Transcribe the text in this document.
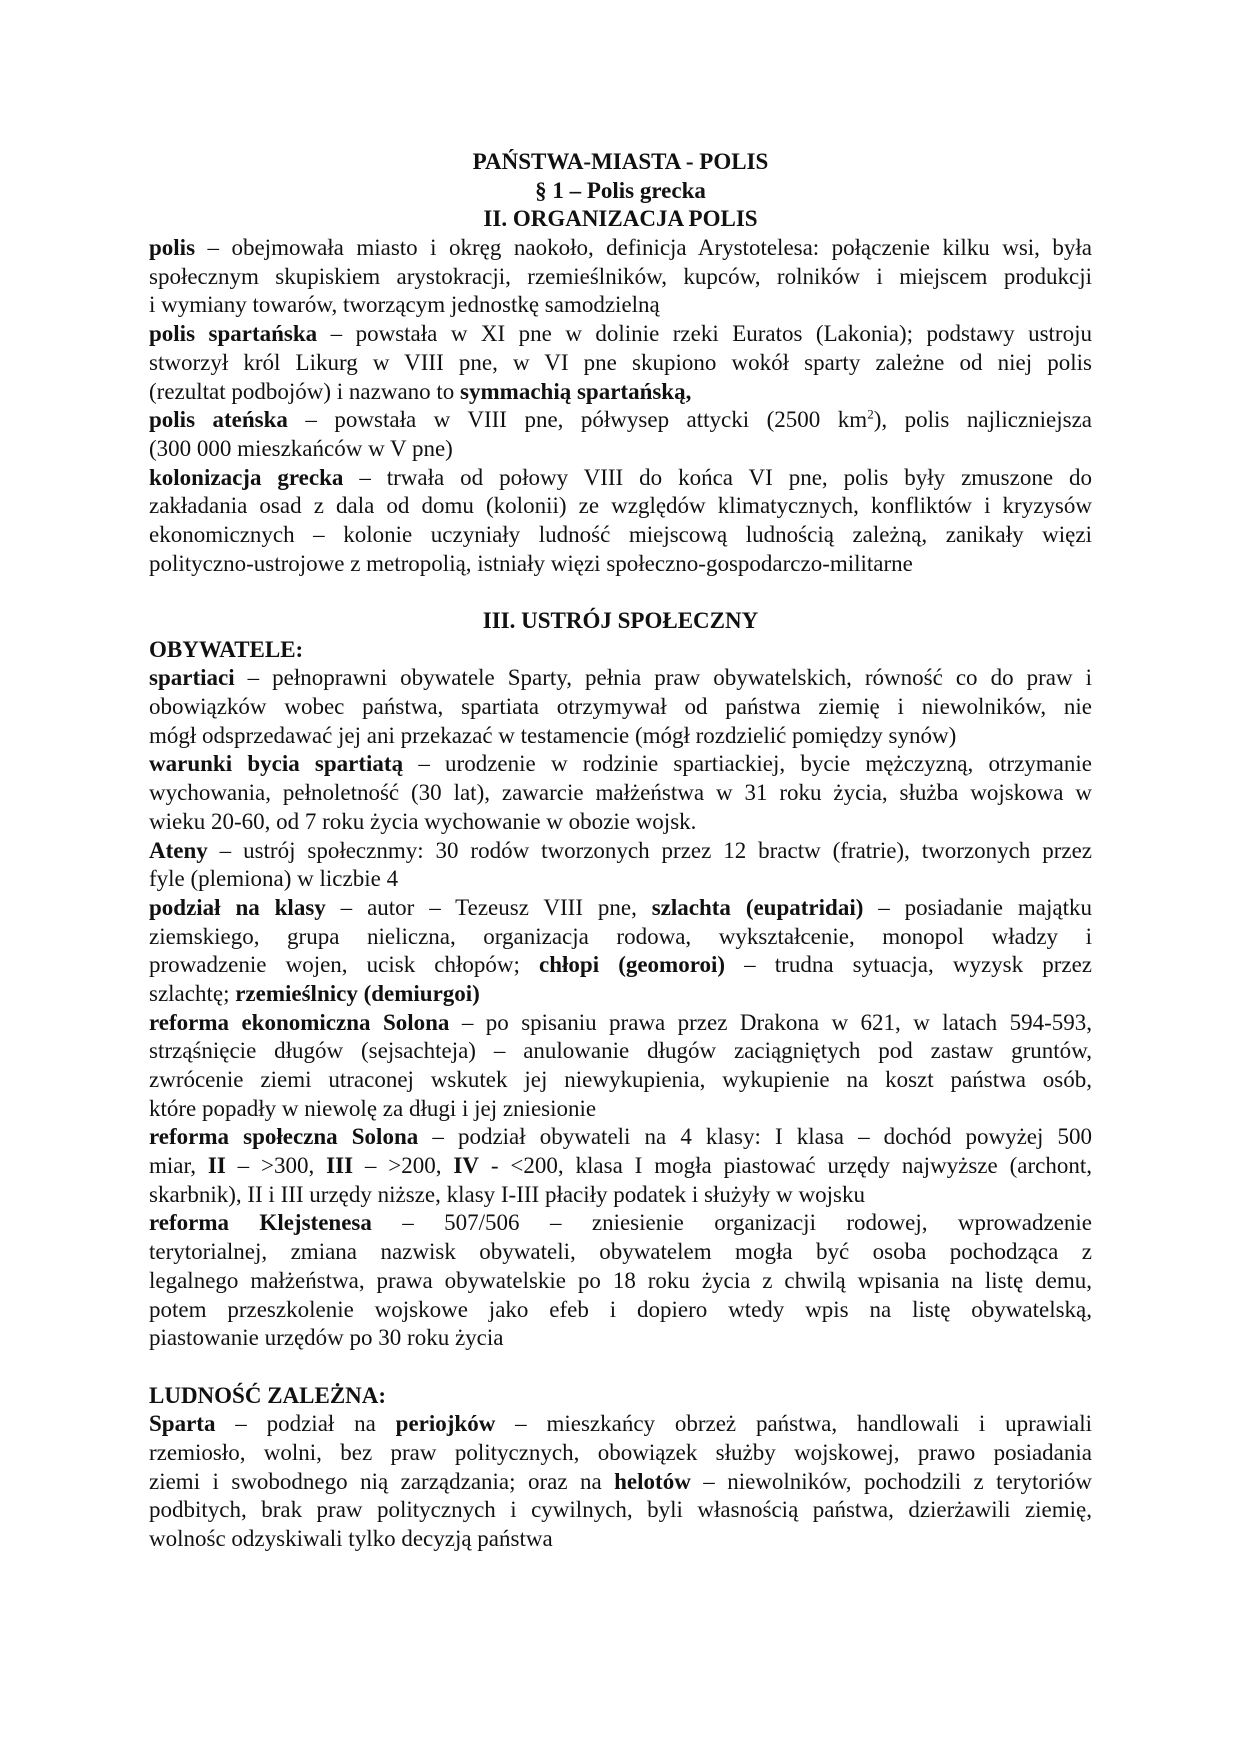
PAŃSTWA-MIASTA - POLIS
§ 1 – Polis grecka
II. ORGANIZACJA POLIS
polis – obejmowała miasto i okręg naokoło, definicja Arystotelesa: połączenie kilku wsi, była
społecznym skupiskiem arystokracji, rzemieślników, kupców, rolników i miejscem produkcji
i wymiany towarów, tworzącym jednostkę samodzielną
polis spartańska – powstała w XI pne w dolinie rzeki Euratos (Lakonia); podstawy ustroju
stworzył król Likurg w VIII pne, w VI pne skupiono wokół sparty zależne od niej polis
(rezultat podbojów) i nazwano to symmachią spartańską,
polis ateńska – powstała w VIII pne, półwysep attycki (2500 $km^2$), polis najliczniejsza
(300 000 mieszkańców w V pne)
kolonizacja grecka – trwała od połowy VIII do końca VI pne, polis były zmuszone do
zakładania osad z dala od domu (kolonii) ze względów klimatycznych, konfliktów i kryzysów
ekonomicznych – kolonie uczyniały ludność miejscową ludnością zależną, zanikały więzi
polityczno-ustrojowe z metropolią, istniały więzi społeczno-gospodarczo-militarne
III. USTRÓJ SPOŁECZNY
OBYWATELE:
spartiaci – pełnoprawni obywatele Sparty, pełnia praw obywatelskich, równość co do praw i
obowiązków wobec państwa, spartiata otrzymywał od państwa ziemię i niewolników, nie
mógł odsprzedawać jej ani przekazać w testamencie (mógł rozdzielić pomiędzy synów)
warunki bycia spartiatą – urodzenie w rodzinie spartiackiej, bycie mężczyzną, otrzymanie
wychowania, pełnoletność (30 lat), zawarcie małżeństwa w 31 roku życia, służba wojskowa w
wieku 20-60, od 7 roku życia wychowanie w obozie wojsk.
Ateny – ustrój społecznmy: 30 rodów tworzonych przez 12 bractw (fratrie), tworzonych przez
fyle (plemiona) w liczbie 4
podział na klasy – autor – Tezeusz VIII pne, szlachta (eupatridai) – posiadanie majątku
ziemskiego, grupa nieliczna, organizacja rodowa, wykształcenie, monopol władzy i
prowadzenie wojen, ucisk chłopów; chłopi (geomoroi) – trudna sytuacja, wyzysk przez
szlachtę; rzemieślnicy (demiurgoi)
reforma ekonomiczna Solona – po spisaniu prawa przez Drakona w 621, w latach 594-593,
strząśnięcie długów (sejsachteja) – anulowanie długów zaciągniętych pod zastaw gruntów,
zwrócenie ziemi utraconej wskutek jej niewykupienia, wykupienie na koszt państwa osób,
które popadły w niewolę za długi i jej zniesionie
reforma społeczna Solona – podział obywateli na 4 klasy: I klasa – dochód powyżej 500
miar, II – >300, III – >200, IV - <200, klasa I mogła piastować urzędy najwyższe (archont,
skarbnik), II i III urzędy niższe, klasy I-III płaciły podatek i służyły w wojsku
reforma Klejstenesa – 507/506 – zniesienie organizacji rodowej, wprowadzenie
terytorialnej, zmiana nazwisk obywateli, obywatelem mogła być osoba pochodząca z
legalnego małżeństwa, prawa obywatelskie po 18 roku życia z chwilą wpisania na listę demu,
potem przeszkolenie wojskowe jako efeb i dopiero wtedy wpis na listę obywatelską,
piastowanie urzędów po 30 roku życia
LUDNOŚĆ ZALEŻNA:
Sparta – podział na periojków – mieszkańcy obrzeż państwa, handlowali i uprawiali
rzemiosło, wolni, bez praw politycznych, obowiązek służby wojskowej, prawo posiadania
ziemi i swobodnego nią zarządzania; oraz na helotów – niewolników, pochodzili z terytoriów
podbitych, brak praw politycznych i cywilnych, byli własnością państwa, dzierżawili ziemię,
wolnośc odzyskiwali tylko decyzją państwa
